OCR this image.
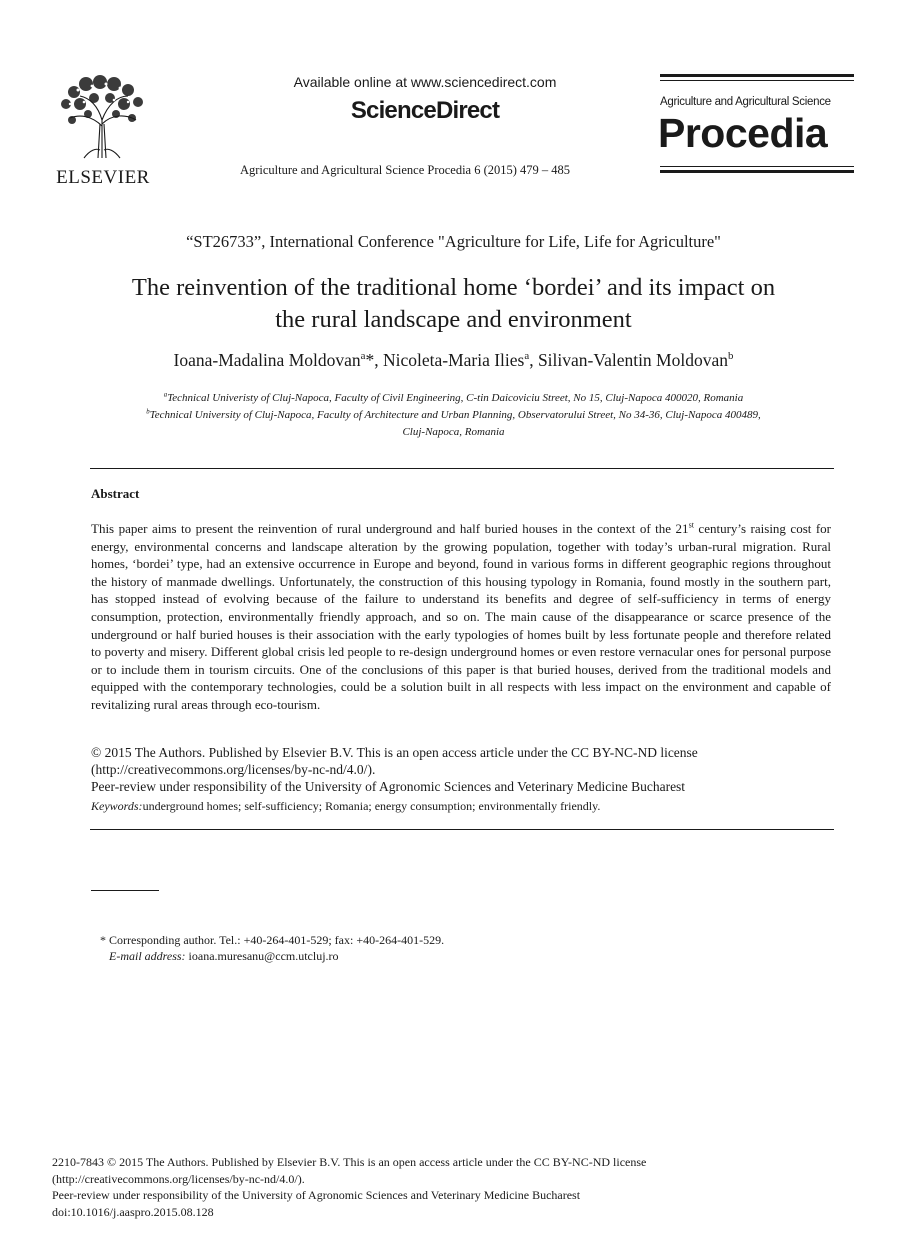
ELSEVIER
Available online at www.sciencedirect.com
ScienceDirect
Agriculture and Agricultural Science Procedia 6 (2015) 479 – 485
Agriculture and Agricultural Science
Procedia
“ST26733”, International Conference "Agriculture for Life, Life for Agriculture"
The reinvention of the traditional home ‘bordei’ and its impact on
the rural landscape and environment
Ioana-Madalina Moldovan$^a$*, Nicoleta-Maria Ilies$^a$, Silivan-Valentin Moldovan$^b$
$^a$Technical Univeristy of Cluj-Napoca, Faculty of Civil Engineering, C-tin Daicoviciu Street, No 15, Cluj-Napoca 400020, Romania
$^b$Technical University of Cluj-Napoca, Faculty of Architecture and Urban Planning, Observatorului Street, No 34-36, Cluj-Napoca 400489,
Cluj-Napoca, Romania
Abstract
This paper aims to present the reinvention of rural underground and half buried houses in the context of the 21st century’s raising cost for energy, environmental concerns and landscape alteration by the growing population, together with today’s urban-rural migration. Rural homes, ‘bordei’ type, had an extensive occurrence in Europe and beyond, found in various forms in different geographic regions throughout the history of manmade dwellings. Unfortunately, the construction of this housing typology in Romania, found mostly in the southern part, has stopped instead of evolving because of the failure to understand its benefits and degree of self-sufficiency in terms of energy consumption, protection, environmentally friendly approach, and so on. The main cause of the disappearance or scarce presence of the underground or half buried houses is their association with the early typologies of homes built by less fortunate people and therefore related to poverty and misery. Different global crisis led people to re-design underground homes or even restore vernacular ones for personal purpose or to include them in tourism circuits. One of the conclusions of this paper is that buried houses, derived from the traditional models and equipped with the contemporary technologies, could be a solution built in all respects with less impact on the environment and capable of revitalizing rural areas through eco-tourism.
© 2015 The Authors. Published by Elsevier B.V. This is an open access article under the CC BY-NC-ND license
(http://creativecommons.org/licenses/by-nc-nd/4.0/).
Peer-review under responsibility of the University of Agronomic Sciences and Veterinary Medicine Bucharest
Keywords:underground homes; self-sufficiency; Romania; energy consumption; environmentally friendly.
* Corresponding author. Tel.: +40-264-401-529; fax: +40-264-401-529.
E-mail address: ioana.muresanu@ccm.utcluj.ro
2210-7843 © 2015 The Authors. Published by Elsevier B.V. This is an open access article under the CC BY-NC-ND license
(http://creativecommons.org/licenses/by-nc-nd/4.0/).
Peer-review under responsibility of the University of Agronomic Sciences and Veterinary Medicine Bucharest
doi:10.1016/j.aaspro.2015.08.128
